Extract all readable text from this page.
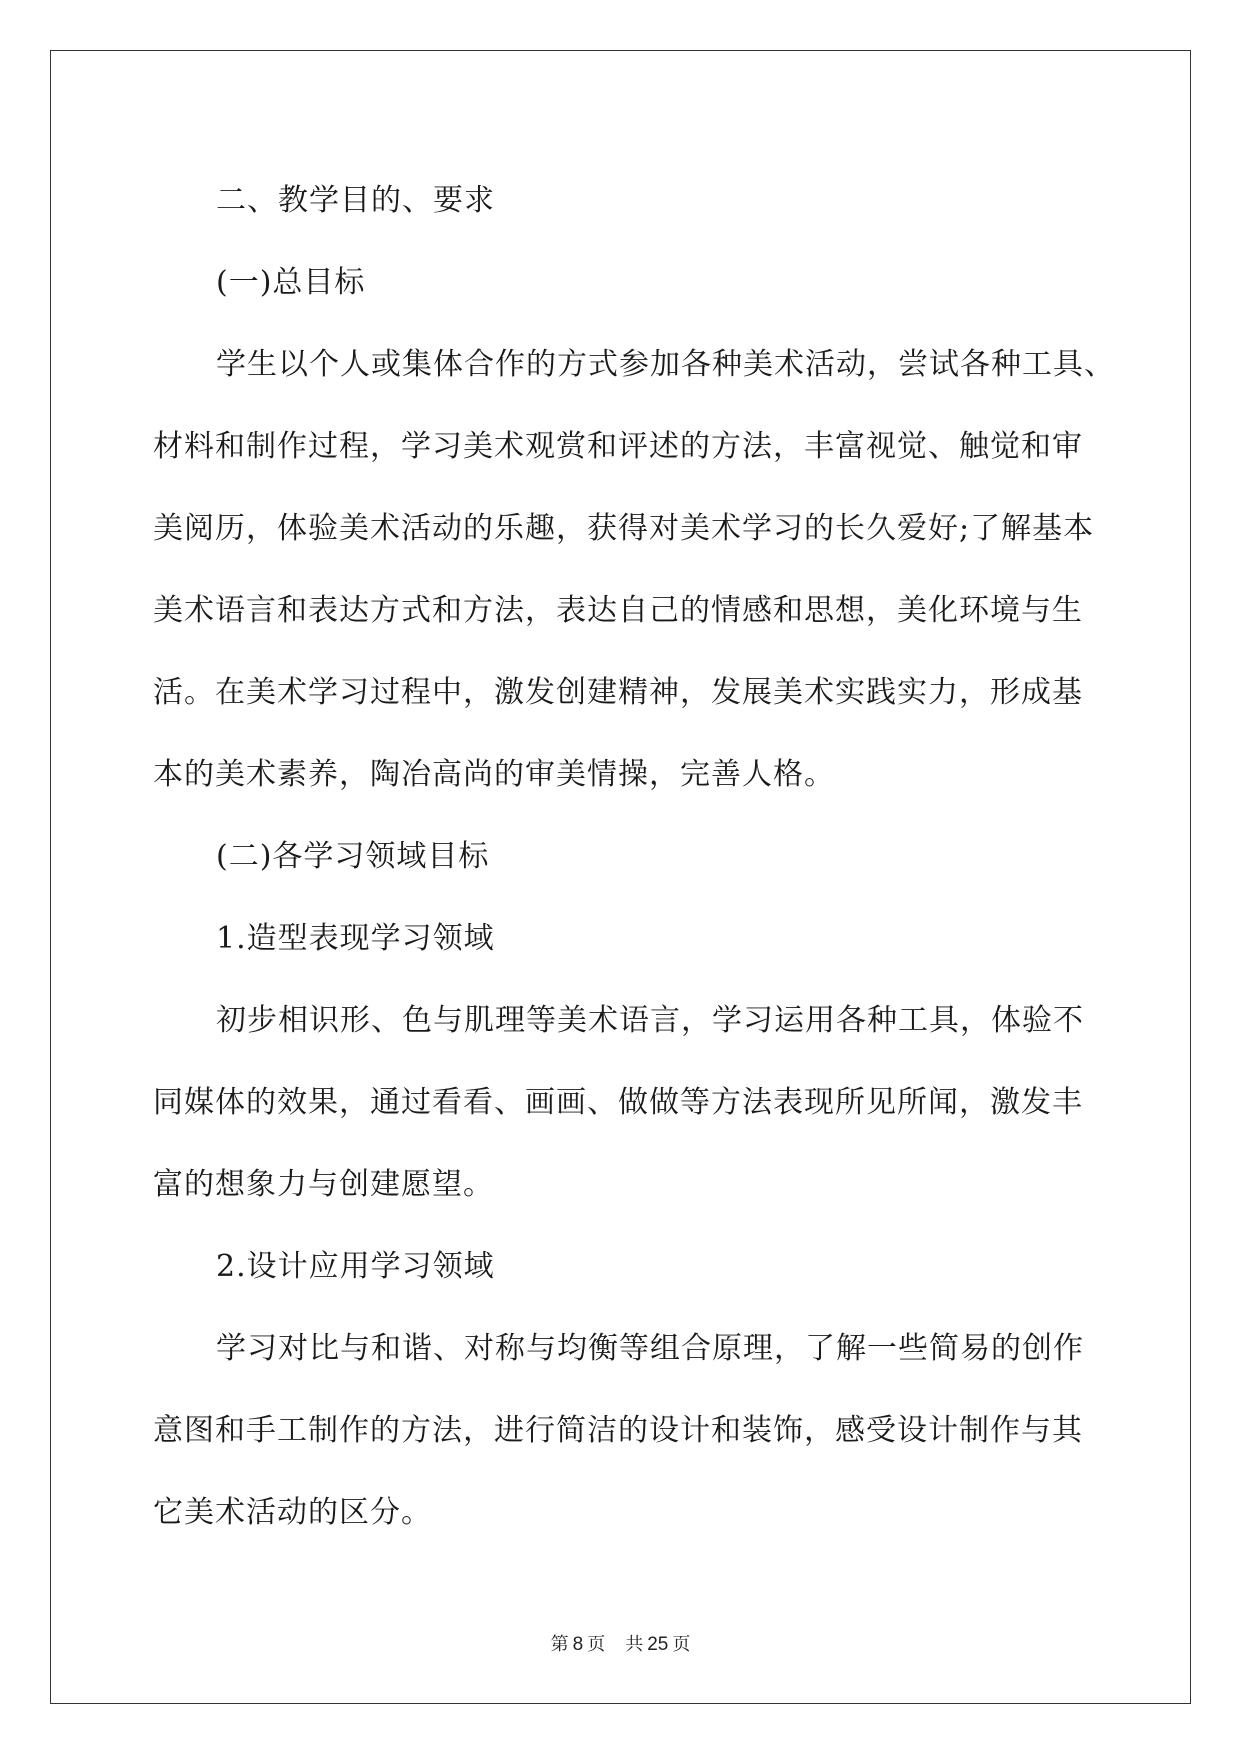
二、教学目的、要求
(一)总目标
学生以个人或集体合作的方式参加各种美术活动，尝试各种工具、
材料和制作过程，学习美术观赏和评述的方法，丰富视觉、触觉和审
美阅历，体验美术活动的乐趣，获得对美术学习的长久爱好;了解基本
美术语言和表达方式和方法，表达自己的情感和思想，美化环境与生
活。在美术学习过程中，激发创建精神，发展美术实践实力，形成基
本的美术素养，陶冶高尚的审美情操，完善人格。
(二)各学习领域目标
1.造型表现学习领域
初步相识形、色与肌理等美术语言，学习运用各种工具，体验不
同媒体的效果，通过看看、画画、做做等方法表现所见所闻，激发丰
富的想象力与创建愿望。
2.设计应用学习领域
学习对比与和谐、对称与均衡等组合原理，了解一些简易的创作
意图和手工制作的方法，进行简洁的设计和装饰，感受设计制作与其
它美术活动的区分。
第 8 页 共 25 页
